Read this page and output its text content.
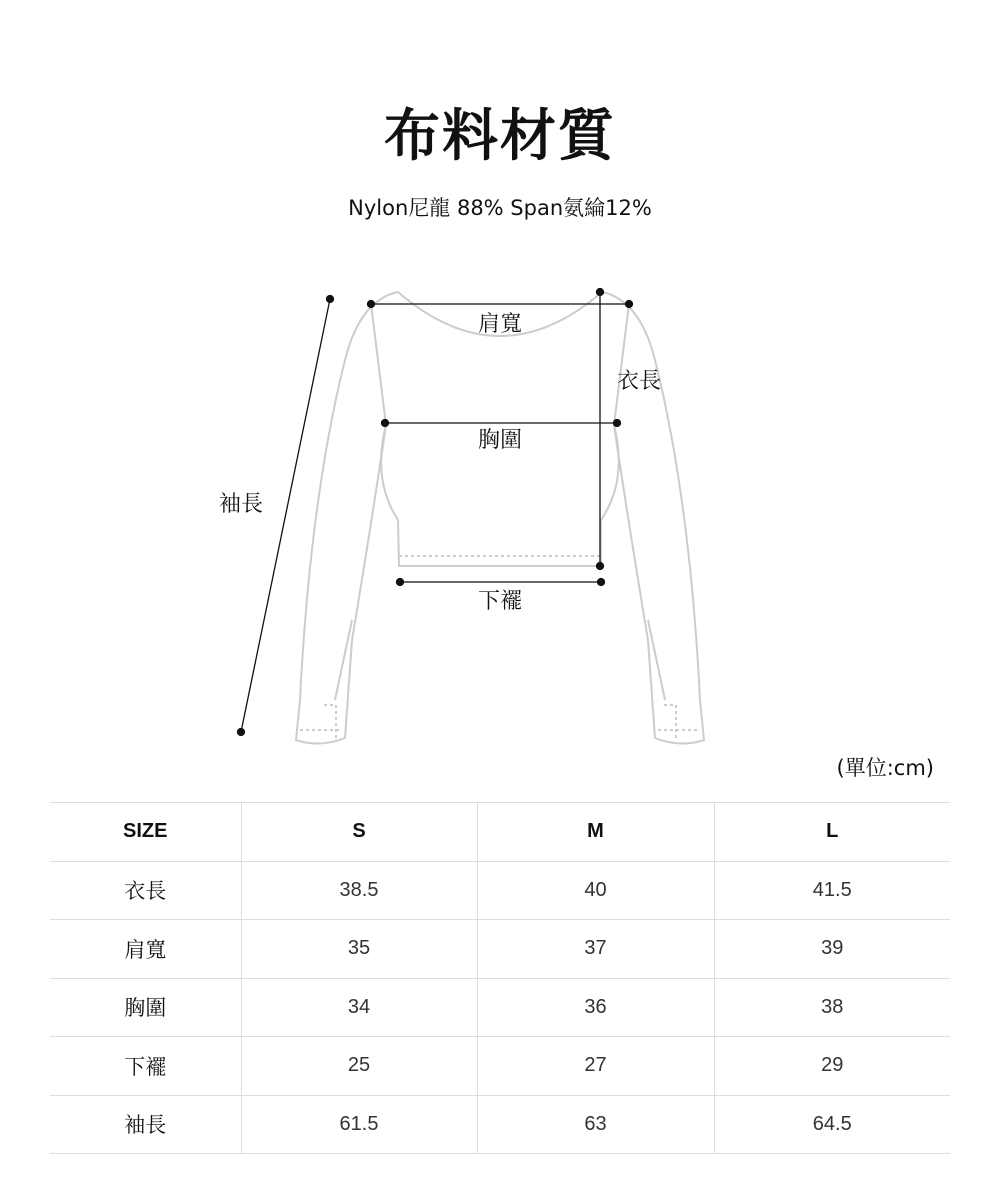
布料材質
Nylon尼龍 88% Span氨綸12%
肩寬
衣長
胸圍
下襬
袖長
(單位:cm)
SIZE	S	M	L
衣長	38.5	40	41.5
肩寬	35	37	39
胸圍	34	36	38
下襬	25	27	29
袖長	61.5	63	64.5
